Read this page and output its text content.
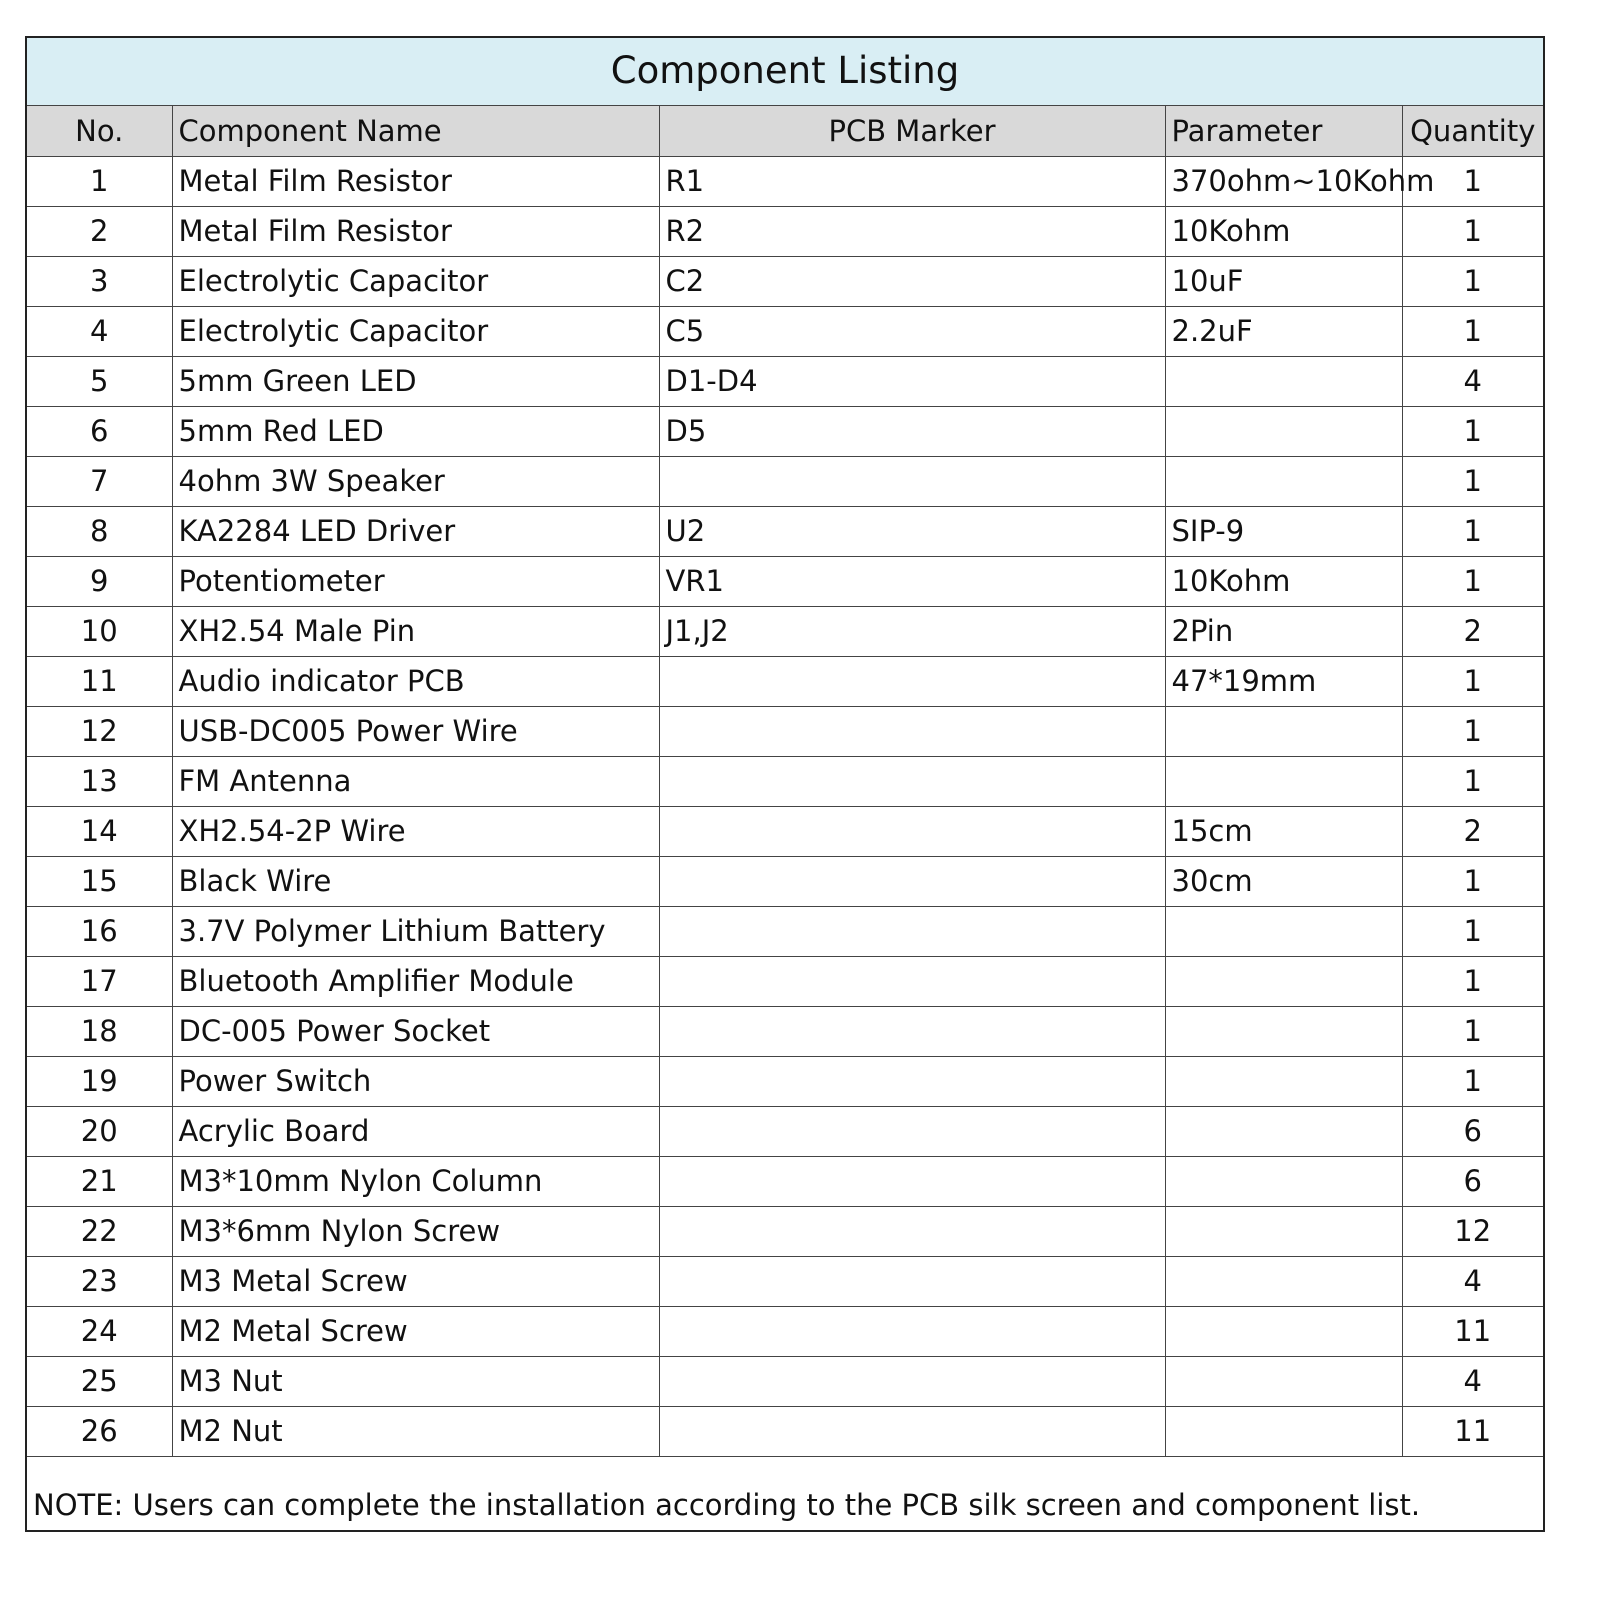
Component Listing
No.	Component Name	PCB Marker	Parameter	Quantity
1	Metal Film Resistor	R1	370ohm~10Kohm	1
2	Metal Film Resistor	R2	10Kohm	1
3	Electrolytic Capacitor	C2	10uF	1
4	Electrolytic Capacitor	C5	2.2uF	1
5	5mm Green LED	D1-D4		4
6	5mm Red LED	D5		1
7	4ohm 3W Speaker			1
8	KA2284 LED Driver	U2	SIP-9	1
9	Potentiometer	VR1	10Kohm	1
10	XH2.54 Male Pin	J1,J2	2Pin	2
11	Audio indicator PCB		47*19mm	1
12	USB-DC005 Power Wire			1
13	FM Antenna			1
14	XH2.54-2P Wire		15cm	2
15	Black Wire		30cm	1
16	3.7V Polymer Lithium Battery			1
17	Bluetooth Amplifier Module			1
18	DC-005 Power Socket			1
19	Power Switch			1
20	Acrylic Board			6
21	M3*10mm Nylon Column			6
22	M3*6mm Nylon Screw			12
23	M3 Metal Screw			4
24	M2 Metal Screw			11
25	M3 Nut			4
26	M2 Nut			11
NOTE: Users can complete the installation according to the PCB silk screen and component list.
